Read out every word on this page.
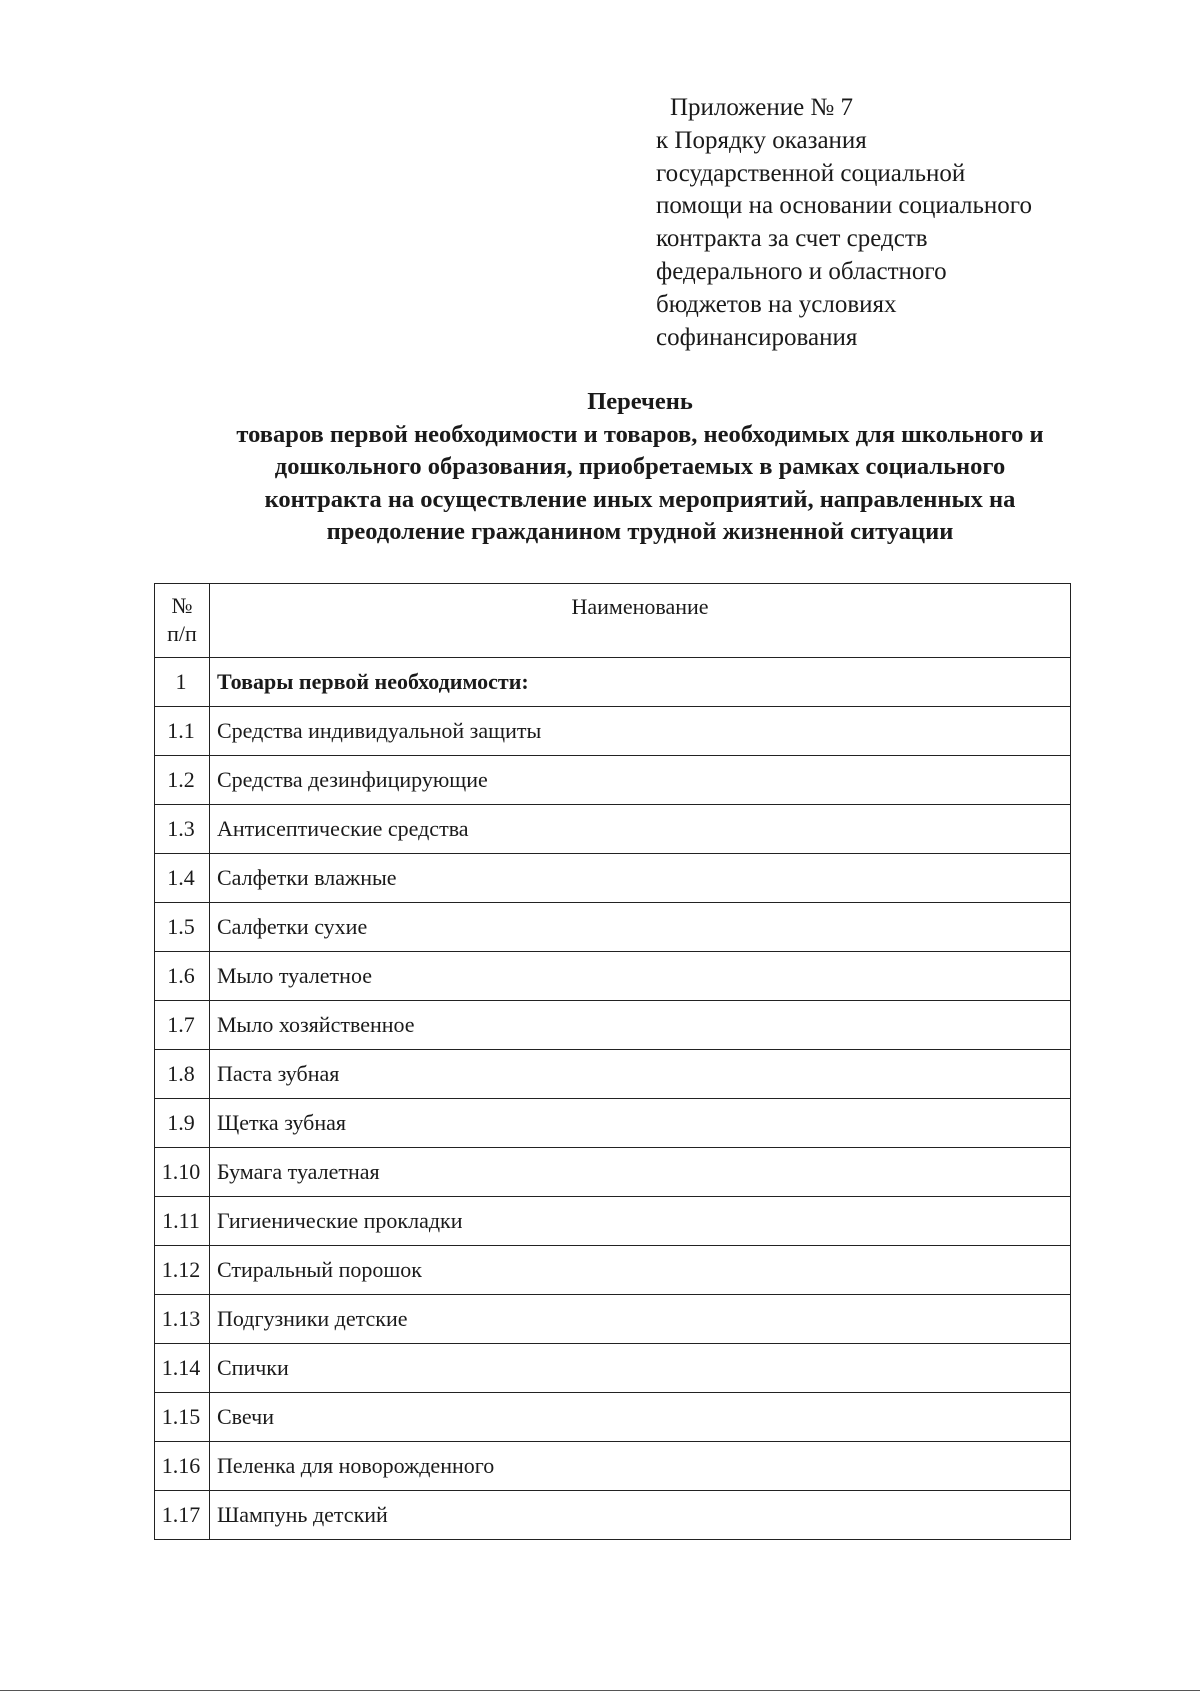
Приложение № 7
к Порядку оказания
государственной социальной
помощи на основании социального
контракта за счет средств
федерального и областного
бюджетов на условиях
софинансирования
Перечень
товаров первой необходимости и товаров, необходимых для школьного и
дошкольного образования, приобретаемых в рамках социального
контракта на осуществление иных мероприятий, направленных на
преодоление гражданином трудной жизненной ситуации
№
п/п	Наименование
1	Товары первой необходимости:
1.1	Средства индивидуальной защиты
1.2	Средства дезинфицирующие
1.3	Антисептические средства
1.4	Салфетки влажные
1.5	Салфетки сухие
1.6	Мыло туалетное
1.7	Мыло хозяйственное
1.8	Паста зубная
1.9	Щетка зубная
1.10	Бумага туалетная
1.11	Гигиенические прокладки
1.12	Стиральный порошок
1.13	Подгузники детские
1.14	Спички
1.15	Свечи
1.16	Пеленка для новорожденного
1.17	Шампунь детский
